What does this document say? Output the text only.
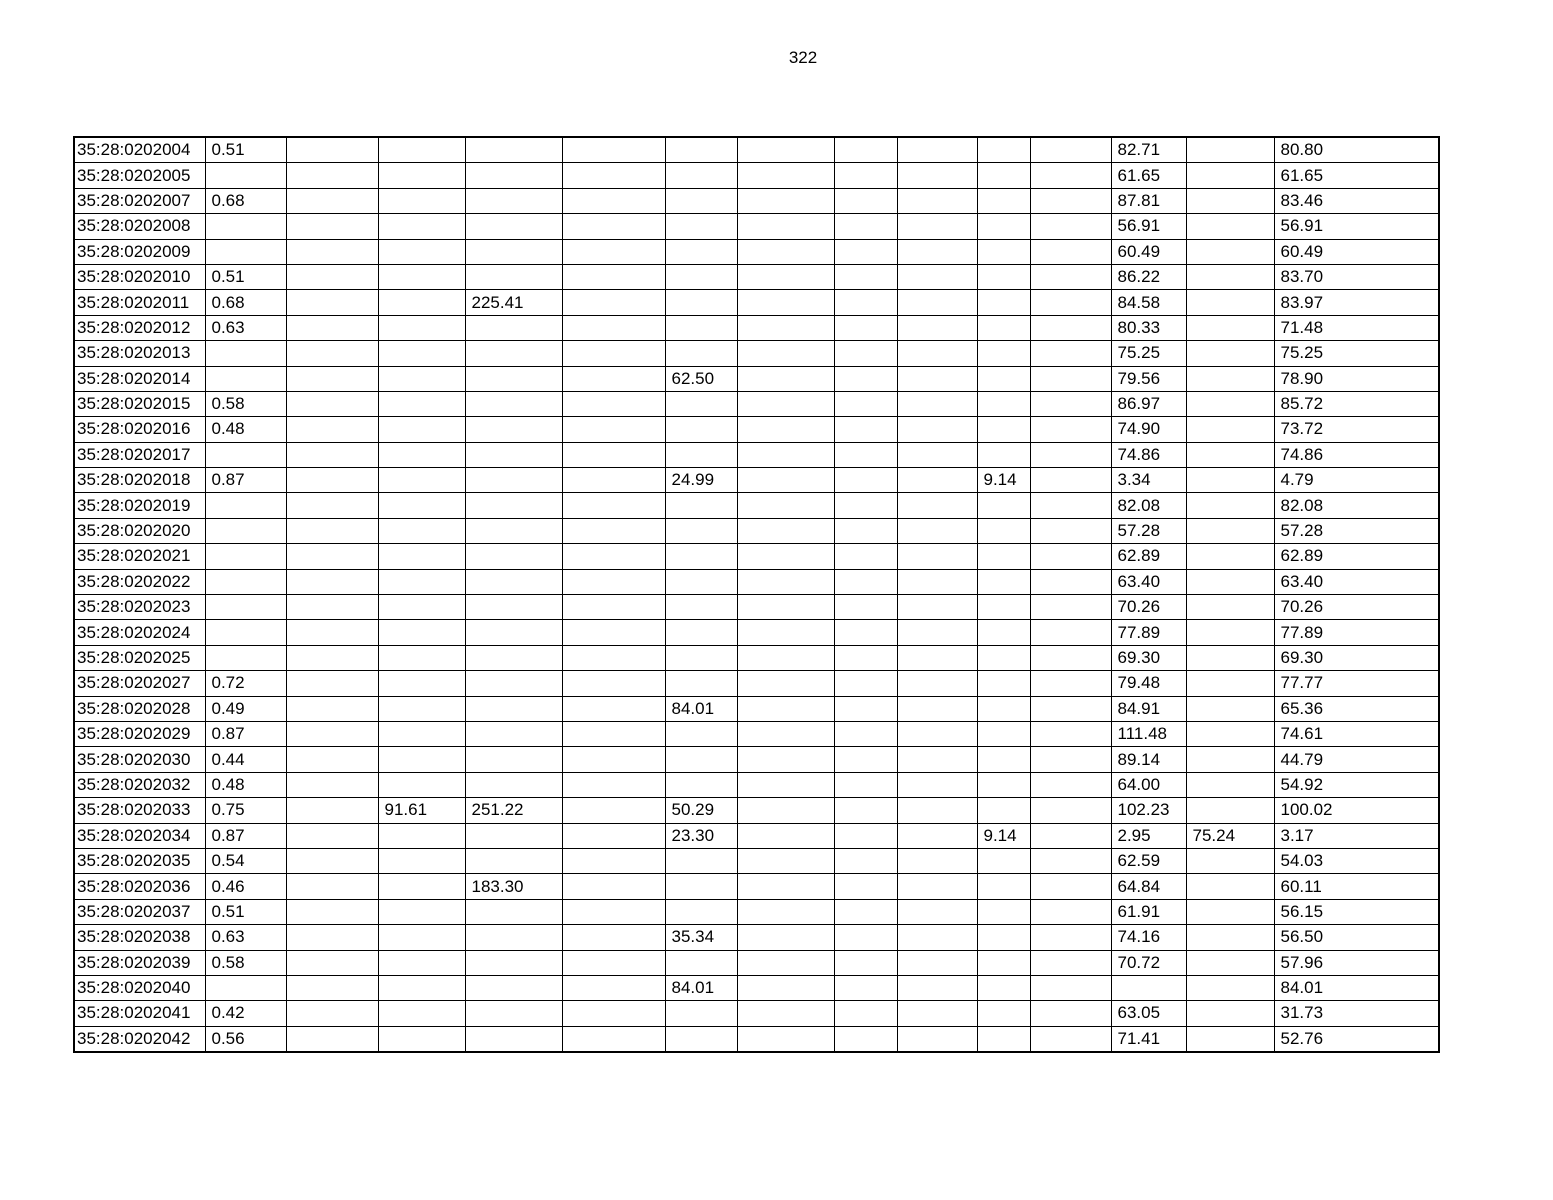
322
35:28:0202004	0.51											82.71		80.80
35:28:0202005												61.65		61.65
35:28:0202007	0.68											87.81		83.46
35:28:0202008												56.91		56.91
35:28:0202009												60.49		60.49
35:28:0202010	0.51											86.22		83.70
35:28:0202011	0.68			225.41								84.58		83.97
35:28:0202012	0.63											80.33		71.48
35:28:0202013												75.25		75.25
35:28:0202014						62.50						79.56		78.90
35:28:0202015	0.58											86.97		85.72
35:28:0202016	0.48											74.90		73.72
35:28:0202017												74.86		74.86
35:28:0202018	0.87					24.99				9.14		3.34		4.79
35:28:0202019												82.08		82.08
35:28:0202020												57.28		57.28
35:28:0202021												62.89		62.89
35:28:0202022												63.40		63.40
35:28:0202023												70.26		70.26
35:28:0202024												77.89		77.89
35:28:0202025												69.30		69.30
35:28:0202027	0.72											79.48		77.77
35:28:0202028	0.49					84.01						84.91		65.36
35:28:0202029	0.87											111.48		74.61
35:28:0202030	0.44											89.14		44.79
35:28:0202032	0.48											64.00		54.92
35:28:0202033	0.75		91.61	251.22		50.29						102.23		100.02
35:28:0202034	0.87					23.30				9.14		2.95	75.24	3.17
35:28:0202035	0.54											62.59		54.03
35:28:0202036	0.46			183.30								64.84		60.11
35:28:0202037	0.51											61.91		56.15
35:28:0202038	0.63					35.34						74.16		56.50
35:28:0202039	0.58											70.72		57.96
35:28:0202040						84.01								84.01
35:28:0202041	0.42											63.05		31.73
35:28:0202042	0.56											71.41		52.76
